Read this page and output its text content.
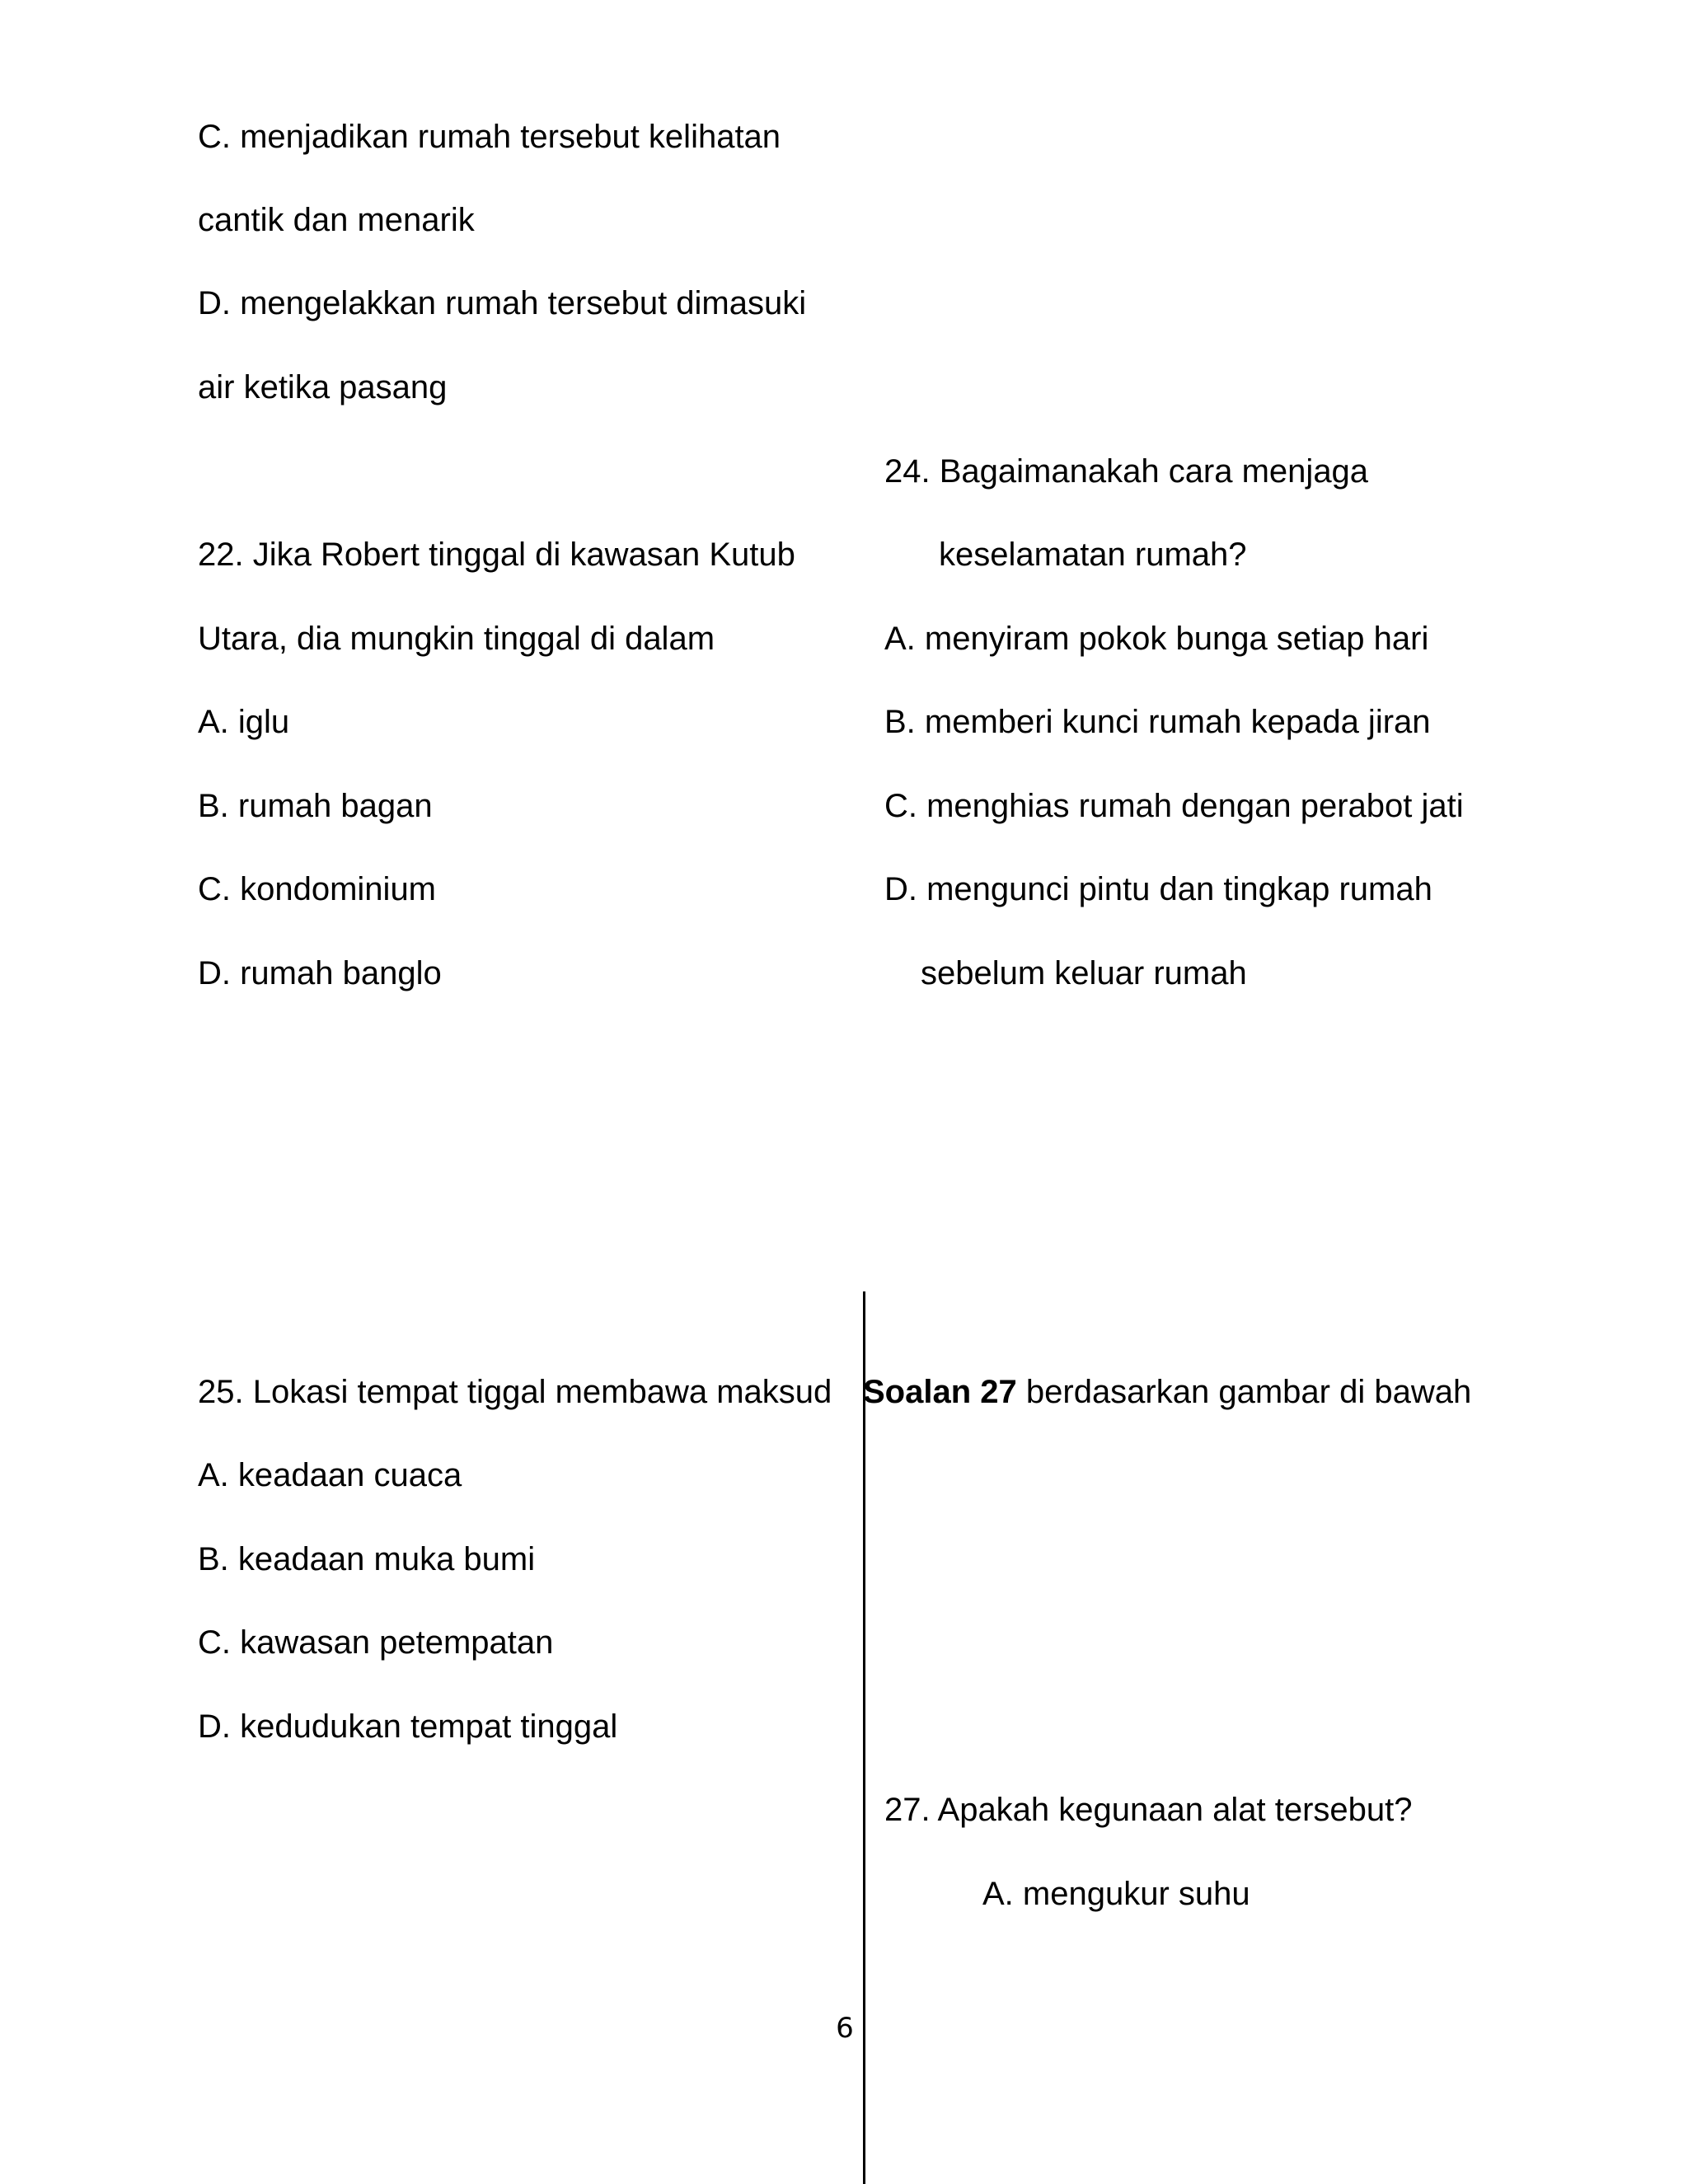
C. menjadikan rumah tersebut kelihatan

cantik dan menarik

D. mengelakkan rumah tersebut dimasuki

air ketika pasang

22. Jika Robert tinggal di kawasan Kutub

Utara, dia mungkin tinggal di dalam

A. iglu

B. rumah bagan

C. kondominium

D. rumah banglo

24. Bagaimanakah cara menjaga

keselamatan rumah?

A. menyiram pokok bunga setiap hari

B. memberi kunci rumah kepada jiran

C. menghias rumah dengan perabot jati

D. mengunci pintu dan tingkap rumah

sebelum keluar rumah

25. Lokasi tempat tiggal membawa maksud

A. keadaan cuaca

B. keadaan muka bumi

C. kawasan petempatan

D. kedudukan tempat tinggal

Soalan 27 berdasarkan gambar di bawah

27. Apakah kegunaan alat tersebut?

A. mengukur suhu

6
